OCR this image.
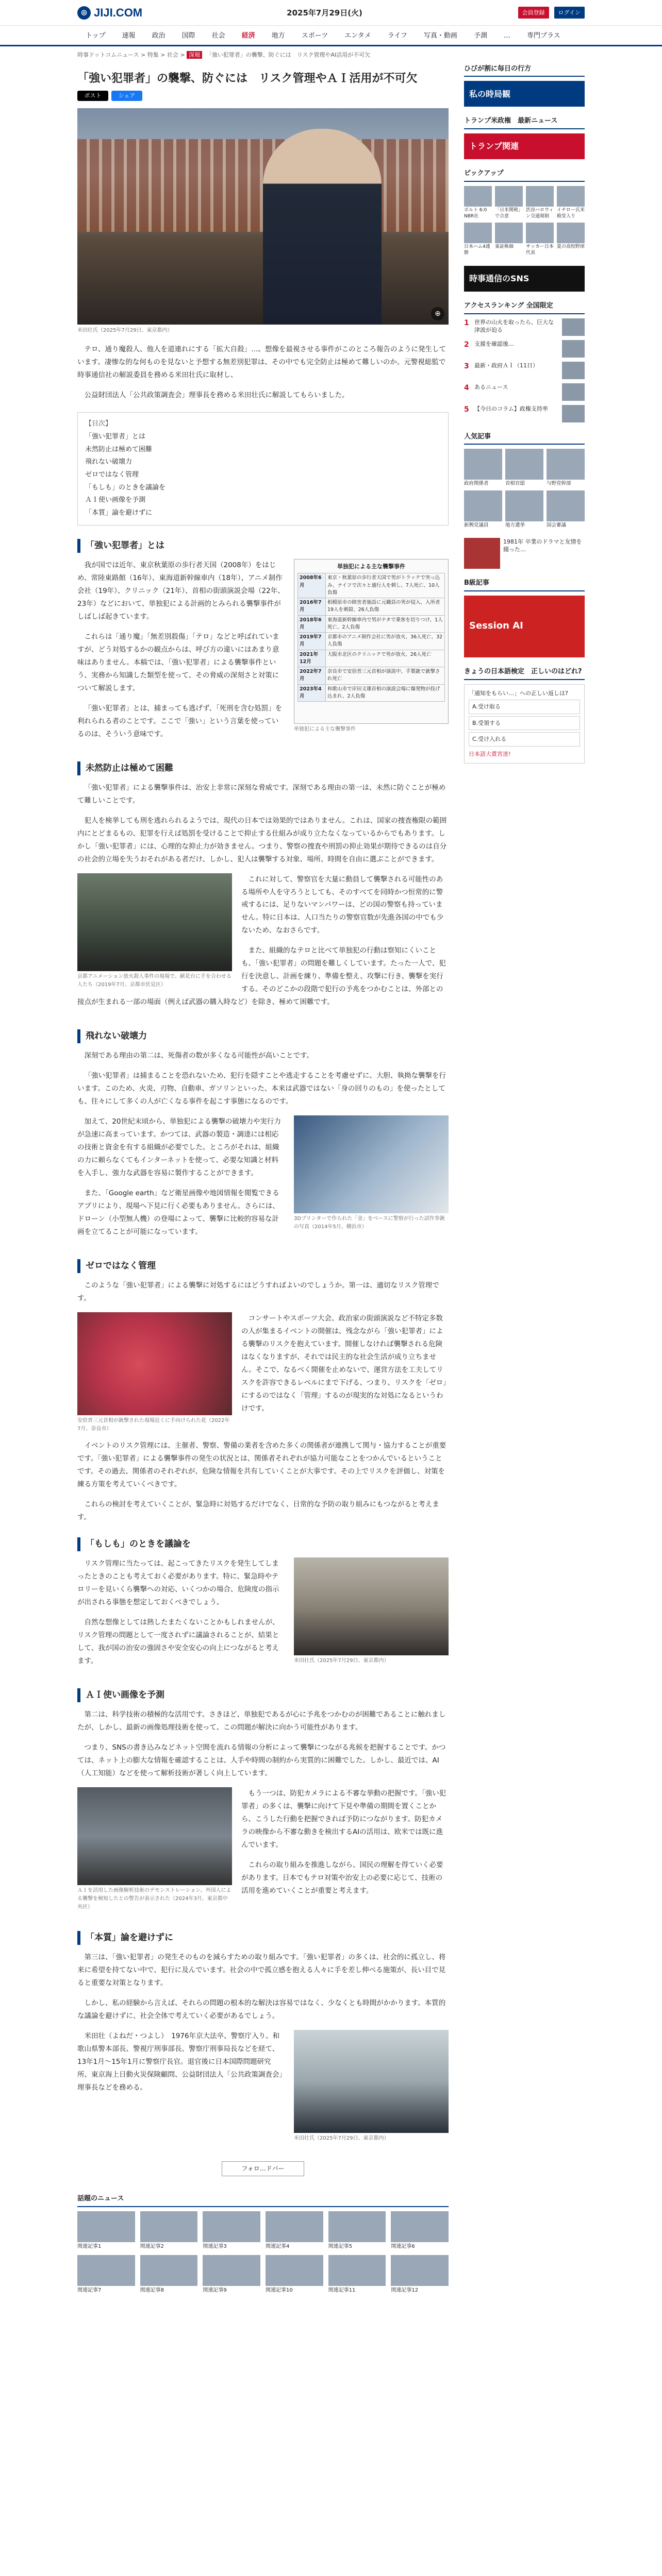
◎ JIJI.COM	2025年7月29日(火)	会員登録	ログイン
トップ	速報	政治	国際	社会	経済	地方	スポーツ	エンタメ	ライフ	写真・動画	予測	…	専門プラス
時事ドットコムニュース > 特集 > 社会 > 深堀 「強い犯罪者」の襲撃、防ぐには　リスク管理やAI活用が不可欠
「強い犯罪者」の襲撃、防ぐには　リスク管理やＡＩ活用が不可欠
ポスト	シェア
⊕
米田壮氏（2025年7月29日、東京都内）

テロ、通り魔殺人、他人を道連れにする「拡大自殺」…。想像を最視させる事件がこのところ報告のように発生しています。凄惨な的な何ものを見ないと予想する無差別犯罪は、その中でも完全防止は極めて難しいのか。元警視総監で時事通信社の解説委員を務める米田壮氏に取材し、

公益財団法人「公共政策調査会」理事長を務める米田壮氏に解説してもらいました。

【目次】
「強い犯罪者」とは
未然防止は極めて困難
飛れない破壊力
ゼロではなく管理
「もしも」のときを議論を
ＡＩ使い画像を予測
「本質」論を避けずに
「強い犯罪者」とは
単独犯による主な襲撃事件
2008年6月	東京・秋葉原の歩行者天国で男がトラックで突っ込み、ナイフで次々と通行人を刺し、7人死亡、10人負傷
2016年7月	相模原市の障害者施設に元職員の男が侵入、入所者19人を刺殺、26人負傷
2018年6月	東海道新幹線車内で男がナタで乗客を切りつけ、1人死亡、2人負傷
2019年7月	京都市のアニメ制作会社に男が放火、36人死亡、32人負傷
2021年12月	大阪市北区のクリニックで男が放火、26人死亡
2022年7月	奈良市で安倍晋三元首相が演説中、手製銃で銃撃され死亡
2023年4月	和歌山市で岸田文雄首相の演説会場に爆発物が投げ込まれ、2人負傷
単独犯による主な襲撃事件

我が国では近年、東京秋葉原の歩行者天国（2008年）をはじめ、常陸東路館（16年）、東海道新幹線車内（18年）、アニメ制作会社（19年）、クリニック（21年）、首相の街頭演説会場（22年、23年）などにおいて、単独犯による計画的とみられる襲撃事件がしばしば起きています。

これらは「通り魔」「無差別殺傷」「テロ」などと呼ばれていますが、どう対処するかの観点からは、呼び方の違いにはあまり意味はありません。本稿では、「強い犯罪者」による襲撃事件という、実務から知識した類型を使って、その脅威の深刻さと対策について解説します。

「強い犯罪者」とは、捕まっても逃げず、「死刑を含む処罰」を利れられる者のことです。ここで「強い」という言葉を使っているのは、そういう意味です。

未然防止は極めて困難

「強い犯罪者」による襲撃事件は、治安上非常に深刻な脅威です。深刻である理由の第一は、未然に防ぐことが極めて難しいことです。

犯人を検挙しても刑を逃れられるようでは、現代の日本では効果的ではありません。これは、国家の捜査権限の範囲内にとどまるもの、犯罪を行えば処罰を受けることで抑止する仕組みが成り立たなくなっているからでもあります。しかし「強い犯罪者」には、心理的な抑止力が効きません。つまり、警察の捜査や刑罰の抑止効果が期待できるのは自分の社会的立場を失うおそれがある者だけ、しかし、犯人は襲撃する対象、場所、時間を自由に選ぶことができます。

京都アニメーション放火殺人事件の現場で、献花台に手を合わせる人たち（2019年7月、京都市伏見区）

これに対して、警察官を大量に動員して襲撃される可能性のある場所や人を守ろうとしても、そのすべてを同時かつ恒常的に警戒するには、足りないマンパワーは、どの国の警察も持っていません。特に日本は、人口当たりの警察官数が先進各国の中でも少ないため、なおさらです。

また、組織的なテロと比べて単独犯の行動は察知にくいことも、「強い犯罪者」の問題を難しくしています。たった一人で、犯行を決意し、計画を練り、準備を整え、攻撃に行き、襲撃を実行する。そのどこかの段階で犯行の予兆をつかむことは、外部との接点が生まれる一部の場面（例えば武器の購入時など）を除き、極めて困難です。

飛れない破壊力

深刻である理由の第二は、死傷者の数が多くなる可能性が高いことです。

「強い犯罪者」は捕まることを恐れないため、犯行を隠すことや逃走することを考慮せずに、大胆、執拗な襲撃を行います。このため、火炎、刃物、自動車、ガソリンといった、本来は武器ではない「身の回りのもの」を使ったとしても、往々にして多くの人が亡くなる事件を起こす事態になるのです。

3Dプリンターで作られた「金」をベースに警察が行った試作拳銃の写真（2014年5月、横浜市）

加えて、20世紀末頃から、単独犯による襲撃の破壊力や実行力が急速に高まっています。かつては、武器の製造・調達には相応の技術と資金を有する組織が必要でした。ところがそれは、組織の力に頼らなくてもインターネットを使って、必要な知識と材料を入手し、強力な武器を容易に製作することができます。

また、「Google earth」など衛星画像や地図情報を閲覧できるアプリにより、現場へ下見に行く必要もありません。さらには、ドローン（小型無人機）の登場によって、襲撃に比較的容易な計画を立てることが可能になっています。

ゼロではなく管理

このような「強い犯罪者」による襲撃に対処するにはどうすればよいのでしょうか。第一は、適切なリスク管理です。

安倍晋三元首相が銃撃された現場近くに手向けられた花（2022年7月、奈良市）

コンサートやスポーツ大会、政治家の街頭演説など不特定多数の人が集まるイベントの開催は、残念ながら「強い犯罪者」による襲撃のリスクを抱えています。開催しなければ襲撃される危険はなくなりますが、それでは民主的な社会生活が成り立ちません。そこで、なるべく開催を止めないで、運営方法を工夫してリスクを許容できるレベルにまで下げる、つまり、リスクを「ゼロ」にするのではなく「管理」するのが現実的な対処になるというわけです。

イベントのリスク管理には、主催者、警察、警備の業者を含めた多くの関係者が連携して関与・協力することが重要です。「強い犯罪者」による襲撃事件の発生の状況とは、関係者それぞれが協力可能なことをつかんでいるということです。その過去、関係者のそれぞれが、危険な情報を共有していくことが大事です。その上でリスクを評価し、対策を練る方策を考えていくべきです。

これらの検討を考えていくことが、緊急時に対処するだけでなく、日常的な予防の取り組みにもつながると考えます。

「もしも」のときを議論を
米田壮氏（2025年7月29日、東京都内）

リスク管理に当たっては、起こってきたリスクを発生してしまったときのことも考えておく必要があります。特に、緊急時やテロリーを見いくら襲撃への対応、いくつかの場合、危険度の指示が出される事態を想定しておくべきでしょう。

自然な想像としては熱したまたくないことかもしれませんが、リスク管理の問題として一度されずに議論されることが、結果として、我が国の治安の強固さや安全安心の向上につながると考えます。

ＡＩ使い画像を予測

第二は、科学技術の積極的な活用です。さきほど、単独犯であるが心に予兆をつかむのが困難であることに触れましたが、しかし、最新の画像処理技術を使って、この問題が解決に向かう可能性があります。

つまり、SNSの書き込みなどネット空間を流れる情報の分析によって襲撃につながる兆候を把握することです。かつては、ネット上の膨大な情報を確認することは、人手や時間の制約から実質的に困難でした。しかし、最近では、AI（人工知能）などを使って解析技術が著しく向上しています。

ＡＩを活用した画像解析技術のデモンストレーション。外国人による襲撃を検知したとの警告が表示された（2024年3月、東京都中央区）

もう一つは、防犯カメラによる不審な挙動の把握です。「強い犯罪者」の多くは、襲撃に向けて下見や準備の期間を置くことから、こうした行動を把握できれば予防につながります。防犯カメラの映像から不審な動きを検出するAIの活用は、欧米では既に進んでいます。

これらの取り組みを推進しながら、国民の理解を得ていく必要があります。日本でもテロ対策や治安上の必要に応じて、技術の活用を進めていくことが重要と考えます。

「本質」論を避けずに

第三は、「強い犯罪者」の発生そのものを減らすための取り組みです。「強い犯罪者」の多くは、社会的に孤立し、将来に希望を持てない中で、犯行に及んでいます。社会の中で孤立感を抱える人々に手を差し伸べる施策が、長い目で見ると重要な対策となります。

しかし、私の経験から言えば、それらの問題の根本的な解決は容易ではなく、少なくとも時間がかかります。本質的な議論を避けずに、社会全体で考えていく必要があるでしょう。

米田壮氏（2025年7月29日、東京都内）

米田壮（よねだ・つよし）　1976年京大法卒、警察庁入り。和歌山県警本部長、警視庁刑事部長、警察庁刑事局長などを経て、13年1月〜15年1月に警察庁長官。退官後に日本国際問題研究所、東京海上日動火災保険顧問、公益財団法人「公共政策調査会」理事長などを務める。

フォロ…ドバー
ひびが割に毎日の行方
私の時局観
トランプ米政権　最新ニュース
トランプ関連
ピックアップ
ボルト 6:0 NBR社
「日米関税」で合意
渋谷ハロウィン交通規制
イチロー氏米殿堂入り
日本ハム4連勝
東証株価	サッカー日本代表
夏の高校野球
時事通信のSNS
アクセスランキング 全国限定
1 世界の山火を取ったら、巨大な津波が迫る
2 支援を確認後…
3 最新・政府ＡＩ（11日）
4 あるニュース
5 【今日のコラム】政権支持率
人気記事
政府関係者	首相官邸	与野党幹部
新興党議員	地方選挙	国会審議
1981年 卒業のドラマと友情を綴った…
B級記事
Session AI
きょうの日本語検定　正しいのはどれ?
「通知をもらい…」への正しい返しは?
A.受け取る
B.受領する
C.受け入れる
日本語大賞宮迷!
話題のニュース
関連記事1	関連記事2	関連記事3	関連記事4	関連記事5	関連記事6
関連記事7	関連記事8	関連記事9	関連記事10	関連記事11	関連記事12
